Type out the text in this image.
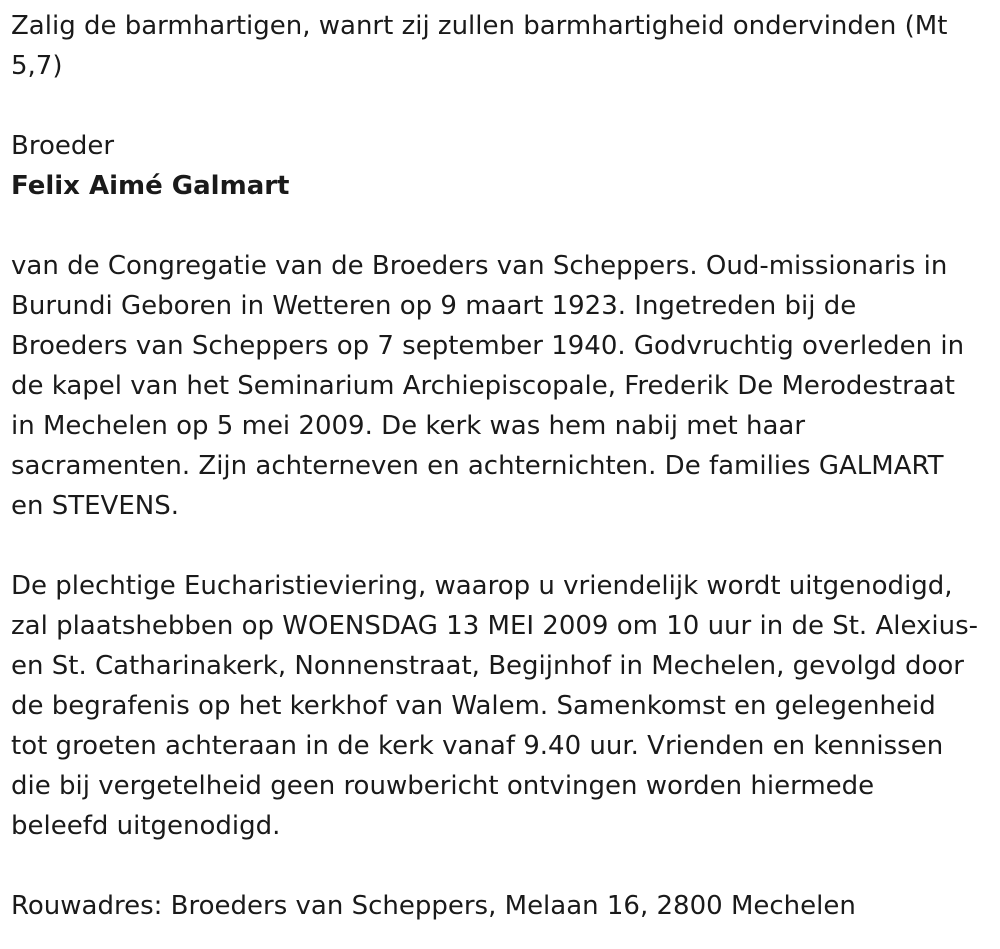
Zalig de barmhartigen, wanrt zij zullen barmhartigheid ondervinden (Mt
5,7)

Broeder

Felix Aimé Galmart

van de Congregatie van de Broeders van Scheppers. Oud-missionaris in
Burundi Geboren in Wetteren op 9 maart 1923. Ingetreden bij de
Broeders van Scheppers op 7 september 1940. Godvruchtig overleden in
de kapel van het Seminarium Archiepiscopale, Frederik De Merodestraat
in Mechelen op 5 mei 2009. De kerk was hem nabij met haar
sacramenten. Zijn achterneven en achternichten. De families GALMART
en STEVENS.

De plechtige Eucharistieviering, waarop u vriendelijk wordt uitgenodigd,
zal plaatshebben op WOENSDAG 13 MEI 2009 om 10 uur in de St. Alexius-
en St. Catharinakerk, Nonnenstraat, Begijnhof in Mechelen, gevolgd door
de begrafenis op het kerkhof van Walem. Samenkomst en gelegenheid
tot groeten achteraan in de kerk vanaf 9.40 uur. Vrienden en kennissen
die bij vergetelheid geen rouwbericht ontvingen worden hiermede
beleefd uitgenodigd.

Rouwadres: Broeders van Scheppers, Melaan 16, 2800 Mechelen
